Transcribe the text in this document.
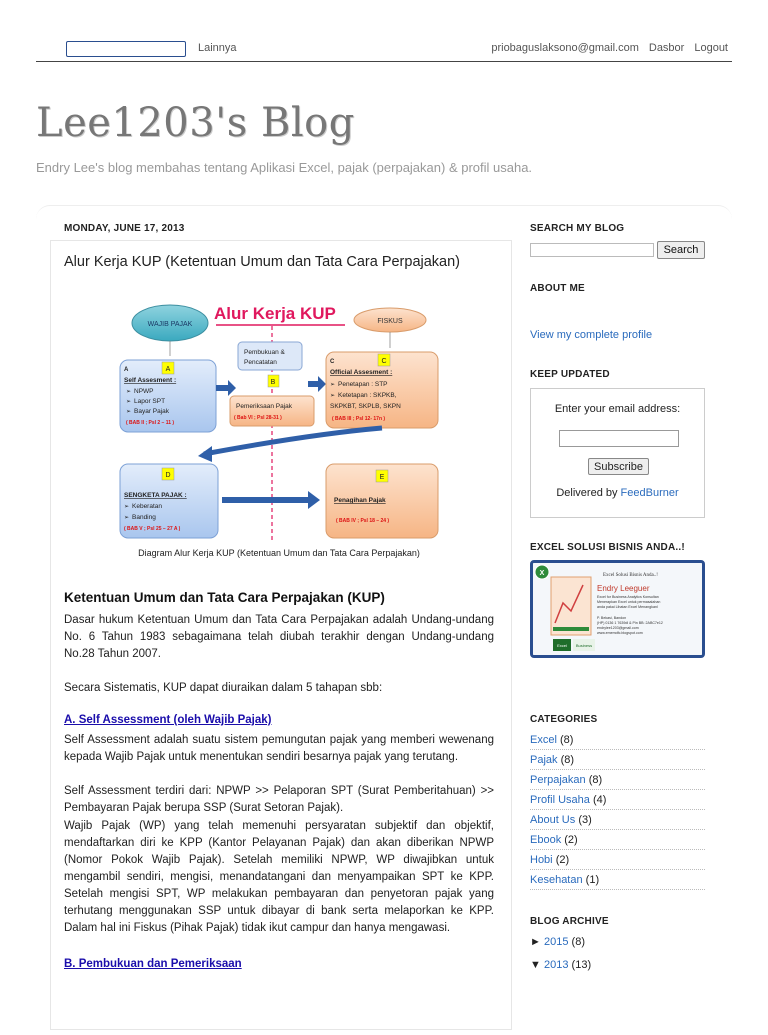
Lainnya	priobaguslaksono@gmail.com Dasbor Logout
Lee1203's Blog
Endry Lee's blog membahas tentang Aplikasi Excel, pajak (perpajakan) & profil usaha.
MONDAY, JUNE 17, 2013
Alur Kerja KUP (Ketentuan Umum dan Tata Cara Perpajakan)
Alur Kerja KUP
WAJIB PAJAK	FISKUS
A
A
Self Assesment :
NPWP
Lapor SPT
Bayar Pajak
➢
➢
➢
( BAB II ; Psl 2 – 11 )
Pembukuan &
Pencatatan
B
Pemeriksaan Pajak
( Bab VI ; Psl 28-31 )
C
C
Official Assesment :
➢ Penetapan : STP
➢ Ketetapan : SKPKB,
SKPKBT, SKPLB, SKPN
( BAB III ; Psl 12- 17n )
D
SENGKETA PAJAK :
➢ Keberatan
➢ Banding
( BAB V ; Psl 25 – 27 A )
E
Penagihan Pajak
( BAB IV ; Psl 18 – 24 )
Diagram Alur Kerja KUP (Ketentuan Umum dan Tata Cara Perpajakan)
Ketentuan Umum dan Tata Cara Perpajakan (KUP)

Dasar hukum Ketentuan Umum dan Tata Cara Perpajakan adalah Undang-undang No. 6 Tahun 1983 sebagaimana telah diubah terakhir dengan Undang-undang No.28 Tahun 2007.

Secara Sistematis, KUP dapat diuraikan dalam 5 tahapan sbb:

A. Self Assessment (oleh Wajib Pajak)

Self Assessment adalah suatu sistem pemungutan pajak yang memberi wewenang kepada Wajib Pajak untuk menentukan sendiri besarnya pajak yang terutang.

Self Assessment terdiri dari: NPWP >> Pelaporan SPT (Surat Pemberitahuan) >> Pembayaran Pajak berupa SSP (Surat Setoran Pajak).

Wajib Pajak (WP) yang telah memenuhi persyaratan subjektif dan objektif, mendaftarkan diri ke KPP (Kantor Pelayanan Pajak) dan akan diberikan NPWP (Nomor Pokok Wajib Pajak). Setelah memiliki NPWP, WP diwajibkan untuk mengambil sendiri, mengisi, menandatangani dan menyampaikan SPT ke KPP. Setelah mengisi SPT, WP melakukan pembayaran dan penyetoran pajak yang terhutang menggunakan SSP untuk dibayar di bank serta melaporkan ke KPP. Dalam hal ini Fiskus (Pihak Pajak) tidak ikut campur dan hanya mengawasi.

B. Pembukuan dan Pemeriksaan
SEARCH MY BLOG
Search
ABOUT ME
View my complete profile
KEEP UPDATED
Enter your email address:
Subscribe
Delivered by FeedBurner
EXCEL SOLUSI BISNIS ANDA..!
X	Excel Solusi Bisnis Anda..!
Endry Leeguer
Excel for Business Analytics Konsultan
Menerapkan Excel untuk permasalahan
anda pakai Lihatan Excel Menangkanl
P. Bekasi, Bandon
(HP) 0136 1 7639dl & Pin BB: 2ABC7e12
endrylee1203@gmail.com
www.ememdfc.blogspot.com
Excel Business
CATEGORIES
Excel (8)
Pajak (8)
Perpajakan (8)
Profil Usaha (4)
About Us (3)
Ebook (2)
Hobi (2)
Kesehatan (1)
BLOG ARCHIVE
► 2015 (8)
▼ 2013 (13)
